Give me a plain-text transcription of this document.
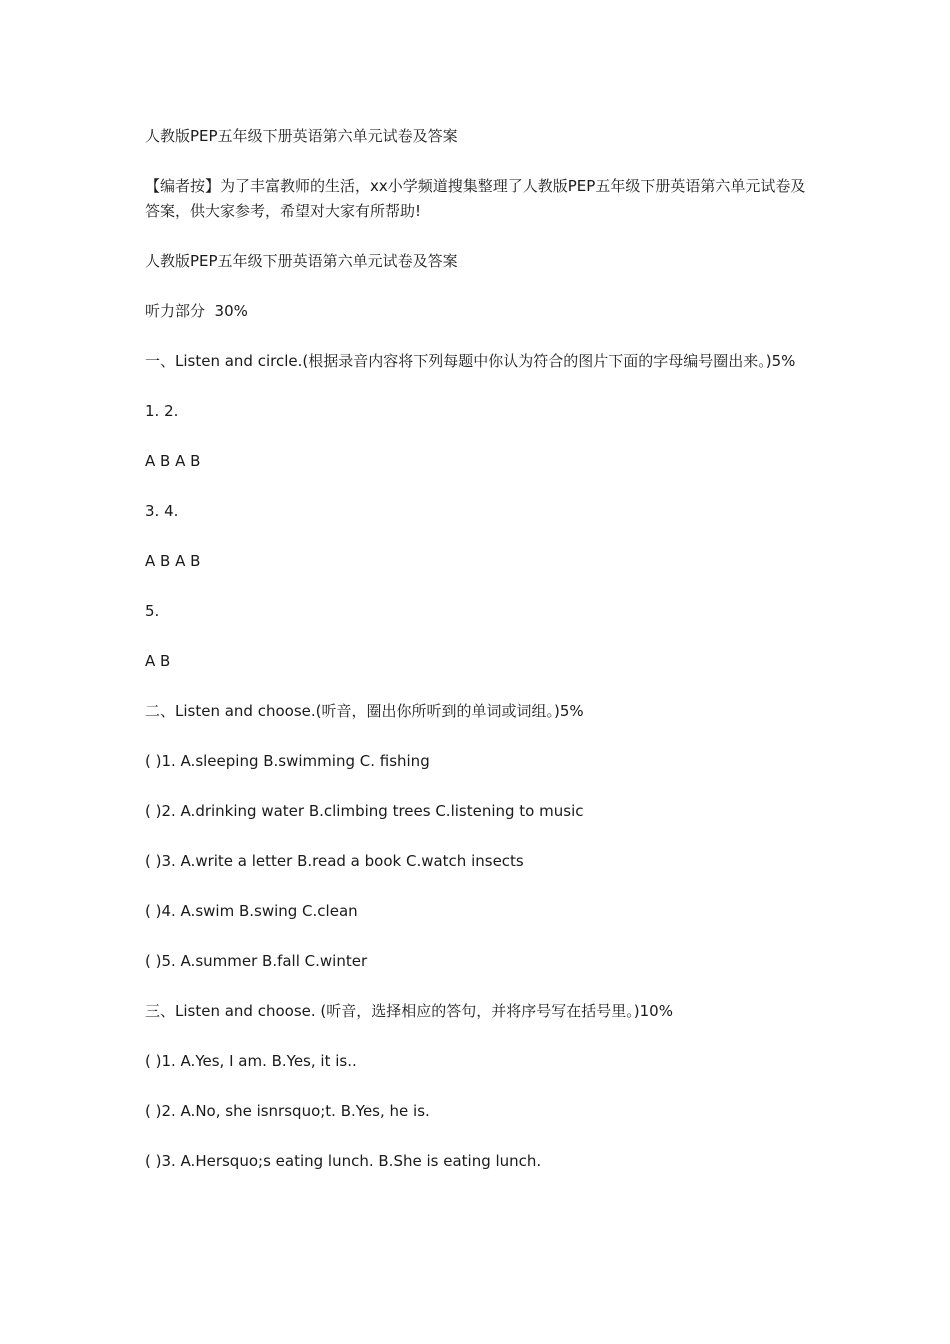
人教版PEP五年级下册英语第六单元试卷及答案

【编者按】为了丰富教师的生活，xx小学频道搜集整理了人教版PEP五年级下册英语第六单元试卷及答案，供大家参考，希望对大家有所帮助!

人教版PEP五年级下册英语第六单元试卷及答案

听力部分  30%

一、Listen and circle.(根据录音内容将下列每题中你认为符合的图片下面的字母编号圈出来。)5%

1. 2.

A B A B

3. 4.

A B A B

5.

A B

二、Listen and choose.(听音，圈出你所听到的单词或词组。)5%

( )1. A.sleeping B.swimming C. fishing

( )2. A.drinking water B.climbing trees C.listening to music

( )3. A.write a letter B.read a book C.watch insects

( )4. A.swim B.swing C.clean

( )5. A.summer B.fall C.winter

三、Listen and choose. (听音，选择相应的答句，并将序号写在括号里。)10%

( )1. A.Yes, I am. B.Yes, it is..

( )2. A.No, she isnrsquo;t. B.Yes, he is.

( )3. A.Hersquo;s eating lunch. B.She is eating lunch.
